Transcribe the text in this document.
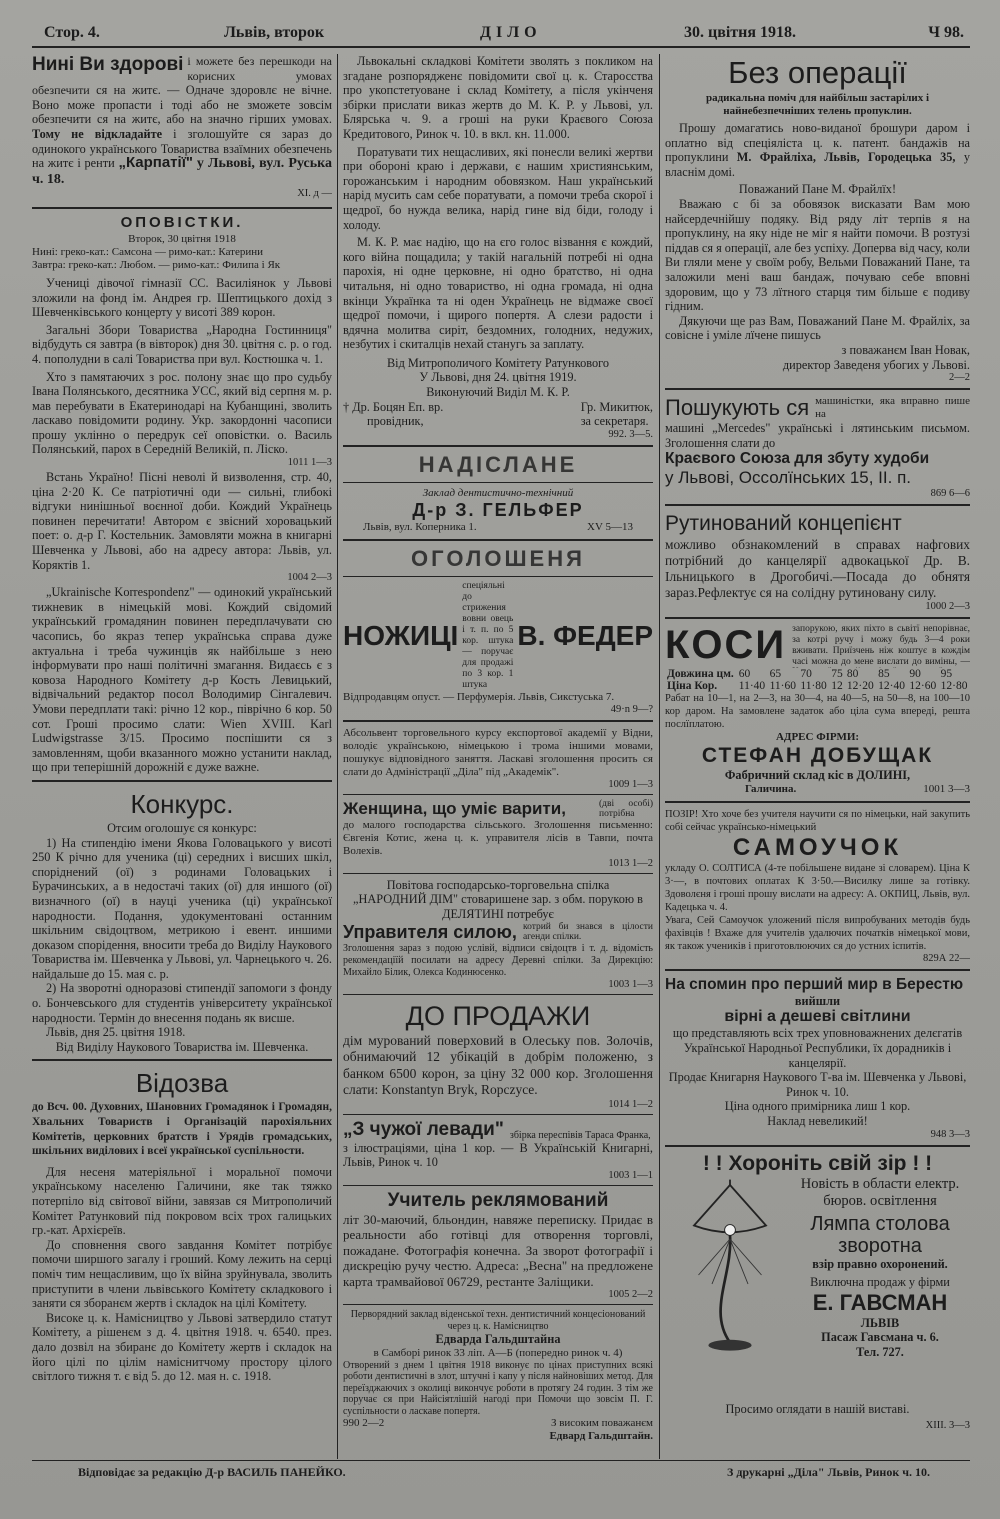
Стор. 4.	Львів, второк	ДІЛО	30. цвітня 1918.	Ч 98.
Нині Ви здорові і можете без перешкоди на корисних умовах обезпечити ся на житє. — Одначе здоровлє не вічне. Воно може пропасти і тоді або не зможете зовсім обезпечити ся на житє, або на значно гірших умовах. Тому не відкладайте і зголошуйте ся зараз до одинокого українського Товариства взаїмних обезпечень на житє і ренти „Карпатії" у Львові, вул. Руська ч. 18.
ХІ. д —
ОПОВІСТКИ.
Второк, 30 цвітня 1918
Нині: греко-кат.: Самсона — римо-кат.: Катерини
Завтра: греко-кат.: Любом. — римо-кат.: Филипа і Як
Учениці дівочої гімназії СС. Василіянок у Львові зложили на фонд ім. Андрея гр. Шептицького дохід з Шевченківського концерту у висоті 389 корон.
Загальні Збори Товариства „Народна Гостинниця" відбудуть ся завтра (в вівторок) дня 30. цвітня с. р. о год. 4. пополудни в салі Товариства при вул. Костюшка ч. 1.
Хто з памятаючих з рос. полону знає що про судьбу Івана Полянського, десятника УСС, який від серпня м. р. мав перебувати в Екатеринодарі на Кубанщині, зволить ласкаво повідомити родину. Укр. закордонні часописи прошу уклінно о передрук сеї оповістки. о. Василь Полянський, парох в Середній Великій, п. Ліско.
1011 1—3
Встань Україно! Пісні неволі й визволення, стр. 40, ціна 2·20 К. Се патріотичні оди — сильні, глибокі відгуки нинішньої воєнної доби. Кождий Українець повинен перечитати! Автором є звісний хоровацький поет: о. д-р Г. Костельник. Замовляти можна в книгарні Шевченка у Львові, або на адресу автора: Львів, ул. Коряктів 1.
1004 2—3
„Ukrainische Korrespondenz" — одинокий український тижневик в німецькій мові. Кождий свідомий український громадянин повинен передплачувати сю часопись, бо якраз тепер українська справа дуже актуальна і треба чужинців як найбільше з нею інформувати про наші політичні змагання. Видаєсь є з ковоза Народного Комітету д-р Кость Левицький, відвічальний редактор посол Володимир Сінгалевич. Умови передплати такі: річно 12 кор., піврічно 6 кор. 50 сот. Гроші просимо слати: Wien XVIII. Karl Ludwigstrasse 3/15. Просимо поспішити ся з замовленням, щоби вказанного можно устанити наклад, що при теперішній дорожній є дуже важне.
Конкурс.
Отсим оголошує ся конкурс:
1) На стипендію імени Якова Головацького у висоті 250 К річно для ученика (ці) середних і висших шкіл, споріднений (ої) з родинами Головацьких і Бурачинських, а в недостачі таких (ої) для иншого (ої) визначного (ої) в науці ученика (ці) української народности. Подання, удокументовані останним шкільним свідоцтвом, метрикою і евент. иншими доказом спорідення, вносити треба до Виділу Наукового Товариства ім. Шевченка у Львові, ул. Чарнецького ч. 26. найдальше до 15. мая с. р.
2) На зворотні одноразові стипендії запомоги з фонду о. Бончевського для студентів університету української народности. Термін до внесення подань як висше.
Львів, дня 25. цвітня 1918.
Від Виділу Наукового Товариства ім. Шевченка.
Відозва
до Всч. 00. Духовних, Шановних Громадянок і Громадян, Хвальних Товариств і Організацій парохіяльних Комітетів, церковних братств і Урядів громадських, шкільних виділових і всеї української суспільности.
Для несеня матеріяльної і моральної помочи українському населеню Галичини, яке так тяжко потерпіло від світової війни, завязав ся Митрополичий Комітет Ратунковий під покровом всіх трох галицьких гр.-кат. Архієреїв.
До сповнення свого завдання Комітет потрібує помочи ширшого загалу і гроший. Кому лежить на серці поміч тим нещасливим, що їх війна зруйнувала, зволить приступити в члени львівського Комітету складкового і заняти ся зборанєм жертв і складок на цілі Комітету.
Високе ц. к. Намісництво у Львові затвердило статут Комітету, а рішенєм з д. 4. цвітня 1918. ч. 6540. през. дало дозвіл на збиранє до Комітету жертв і складок на його цілі по цілім наміснитчому простору цілого світлого тижня т. є від 5. до 12. мая н. с. 1918.
Львокальні складкові Комітети зволять з покликом на згадане розпорядженє повідомити свої ц. к. Старосства про укопстетуоване і склад Комітету, а після укінченя збірки прислати виказ жертв до М. К. Р. у Львові, ул. Блярська ч. 9. а гроші на руки Краєвого Союза Кредитового, Ринок ч. 10. в вкл. кн. 11.000.
Поратувати тих нещасливих, які понесли великі жертви при обороні краю і держави, є нашим християнським, горожанським і народним обовязком. Наш український нарід мусить сам себе поратувати, а помочи треба скорої і щедрої, бо нужда велика, нарід гине від біди, голоду і холоду.
М. К. Р. має надію, що на єго голос візвання є кождий, кого війна пощадила; у такій нагальній потребі ні одна парохія, ні одне церковне, ні одно братство, ні одна читальня, ні одно товариство, ні одна громада, ні одна вкінци Українка та ні оден Українець не відмаже своєї щедрої помочи, і щирого попертя. А слези радости і вдячна молитва сиріт, бездомних, голодних, недужих, незбутих і скиталців нехай станугь за заплату.
Від Митрополичого Комітету Ратункового
У Львові, дня 24. цвітня 1919.
Виконуючий Виділ М. К. Р.
† Др. Боцян Еп. вр.
провідник,
Гр. Микитюк,
за секретаря.
992. 3—5.
НАДІСЛАНЕ
Заклад дентистично-технічний
Д-р З. ГЕЛЬФЕР
Львів, вул. Коперника 1.	XV 5—13
ОГОЛОШЕНЯ
НОЖИЦІ
спеціяльні до стрижения вовни овець і т. п. по 5 кор. штука — поручає для продажі по 3 кор. 1 штука
В. ФЕДЕР
Відпродавцям опуст. — Перфумерія. Львів, Сикстуська 7.
49·n 9—?
Абсольвент торговельного курсу експортової академії у Відни, володіє українською, німецькою і трома іншими мовами, пошукує відповідного заняття. Ласкаві зголошення просить ся слати до Адміністрації „Діла" під „Академік".
1009 1—3
Женщина, що уміє варити,	(дві особі) потрібна
до малого господарства сільського. Зголошення письменно: Євгенія Котис, жена ц. к. управителя лісів в Тавпи, почта Волехів.
1013 1—2
Повітова господарсько-торговельна спілка
„НАРОДНИЙ ДІМ" стоваришене зар. з обм. порукою в ДЕЛЯТИНІ потребує
Управителя силою, котрий би знався в цілости агенди спілки.
Зголошення зараз з подою услівй, відписи свідоцтв і т. д. відомість рекомендаціїй посилати на адресу Деревні спілки. За Дирекцію: Михайло Білик, Олекса Кодинюсенко.
1003 1—3
ДО ПРОДАЖИ
дім мурований поверховий в Олеську пов. Золочів, обнимаючий 12 убікацій в добрім положеню, з банком 6500 корон, за ціну 32 000 кор. Зголошення слати: Konstantyn Bryk, Ropczyce.
1014 1—2
„З чужої левади" збірка переспівів Тараса Франка,
з ілюстраціями, ціна 1 кор. — В Українській Книгарні, Львів, Ринок ч. 10
1003 1—1
Учитель реклямований
літ 30-маючий, бльондин, навяже переписку. Придає в реальности або готівці для отворення торговлі, пожадане. Фотографія конечна. За зворот фотографії і дискрецію ручу честю. Адреса: „Весна" на предложене карта трамвайової 06729, рестанте Заліщики.
1005 2—2
Перворядний заклад віденської техн. дентистичний концесіонований через ц. к. Намісництво
Едварда Гальдштайна
в Самборі ринок 33 ліп. А—Б (попередно ринок ч. 4)
Отворений з днем 1 цвітня 1918 виконує по цінах приступних всякі роботи дентистичні в злот, штучні і капу у після найновіших метод. Для переїзджаючих з околиці викончує роботи в протягу 24 годин. З тім же поручає ся при Найсіятлішій нагоді при Помочи що зовсім П. Г. суспільности о ласкаве попертя.
990 2—2	З високим поважанєм
Едвард Гальдштайн.
Без операції
радикальна поміч для найбільш застарілих і найнебезпечніших телень пропуклин.
Прошу домагатись ново-виданої брошури даром і оплатно від спеціяліста ц. к. патент. бандажів на пропуклини М. Фрайліха, Львів, Городецька 35, у власнім домі.
Поважаний Пане М. Фрайлїх!
Вважаю с бі за обовязок висказати Вам мою найсердечнійшу подяку. Від ряду літ терпів я на пропуклину, на яку ніде не міг я найти помочи. В розтузі піддав ся я операції, але без успіху. Доперва від часу, коли Ви гляли мене у своїм робу, Вельми Поважаний Пане, та заложили мені ваш бандаж, почуваю себе вповні здоровим, що у 73 лїтного старця тим більше є подиву гідним.
Дякуючи ще раз Вам, Поважаний Пане М. Фрайліх, за совісне і уміле лїчене пишусь
з поважанєм Іван Новак,
директор Заведеня убогих у Львові.
2—2
Пошукують ся машиністки, яка вправно пише на
машині „Mercedes" українські і лятинським письмом. Зголошення слати до
Краєвого Союза для збуту худоби
у Львові, Оссолїнських 15, ІІ. п.
869 6—6
Рутинований концепієнт
можливо обзнакомлений в справах нафгових потрібний до канцелярії адвокацької Др. В. Ільницького в Дрогобичі.—Посада до обнятя зараз.Рефлектує ся на солідну рутиновану силу.
1000 2—3
КОСИ запорукою, яких піхто в сьвітї непорівнає, за котрі ручу і можу будь 3—4 роки вживати. Приїзчень ніж коштує в кождім часі можна до мене вислати до вимiны, —
Довжина цм.	60	65	70	75	80	85	90	95
Ціна Кор.	11·40	11·60	11·80	12	12·20	12·40	12·60	12·80
Рабат на 10—1, на 2—3, на 30—4, на 40—5, на 50—8, на 100—10 кор даром. На замовлене задаток або ціла сума впереді, решта послїплатою.
АДРЕС ФІРМИ:
СТЕФАН ДОБУЩАК
Фабричний склад кіс в ДОЛИНІ,
Галичина.	1001 3—3
ПОЗІР! Хто хоче без учителя научити ся по німецьки, най закупить собі сейчас українсько-німецький
САМОУЧОК
укладу О. СОЛТИСА (4-те побільшене видане зі словарем). Ціна К 3·—, в почтових оплатах К 3·50.—Висилку лише за готівку. Здоволєня і гроші прошу вислати на адресу: А. ОКПИЦ, Львів, вул. Кадецька ч. 4.
Увага, Сей Самоучок уложений після випробуваних методів будь фахівців ! Вхаже для учителів удалючих початків німецької мови, як також учеників і приготовлюючих ся до устних іспитів.
829А 22—
На спомин про перший мир в Берестю
вийшли
вірні а дешеві світлини
що представляють всіх трех уповноважнених делєгатів Української Народньої Республики, їх дорадників і канцелярії.
Продає Книгарня Наукового Т-ва ім. Шевченка у Львові, Ринок ч. 10.
Ціна одного примірника лиш 1 кор.
Наклад невеликий!
948 3—3
! ! Хороніть свій зір ! !
Новість в области електр. бюров. освітлення
Лямпа столова зворотна
взір правно охоронений.
Виключна продаж у фірми
Е. ГАВСМАН
ЛЬВІВ
Пасаж Гавсмана ч. 6.
Тел. 727.
Просимо оглядати в нашій виставі.
ХІІІ. 3—3
Відповідає за редакцію Д-р ВАСИЛЬ ПАНЕЙКО.	З друкарні „Діла" Львів, Ринок ч. 10.
